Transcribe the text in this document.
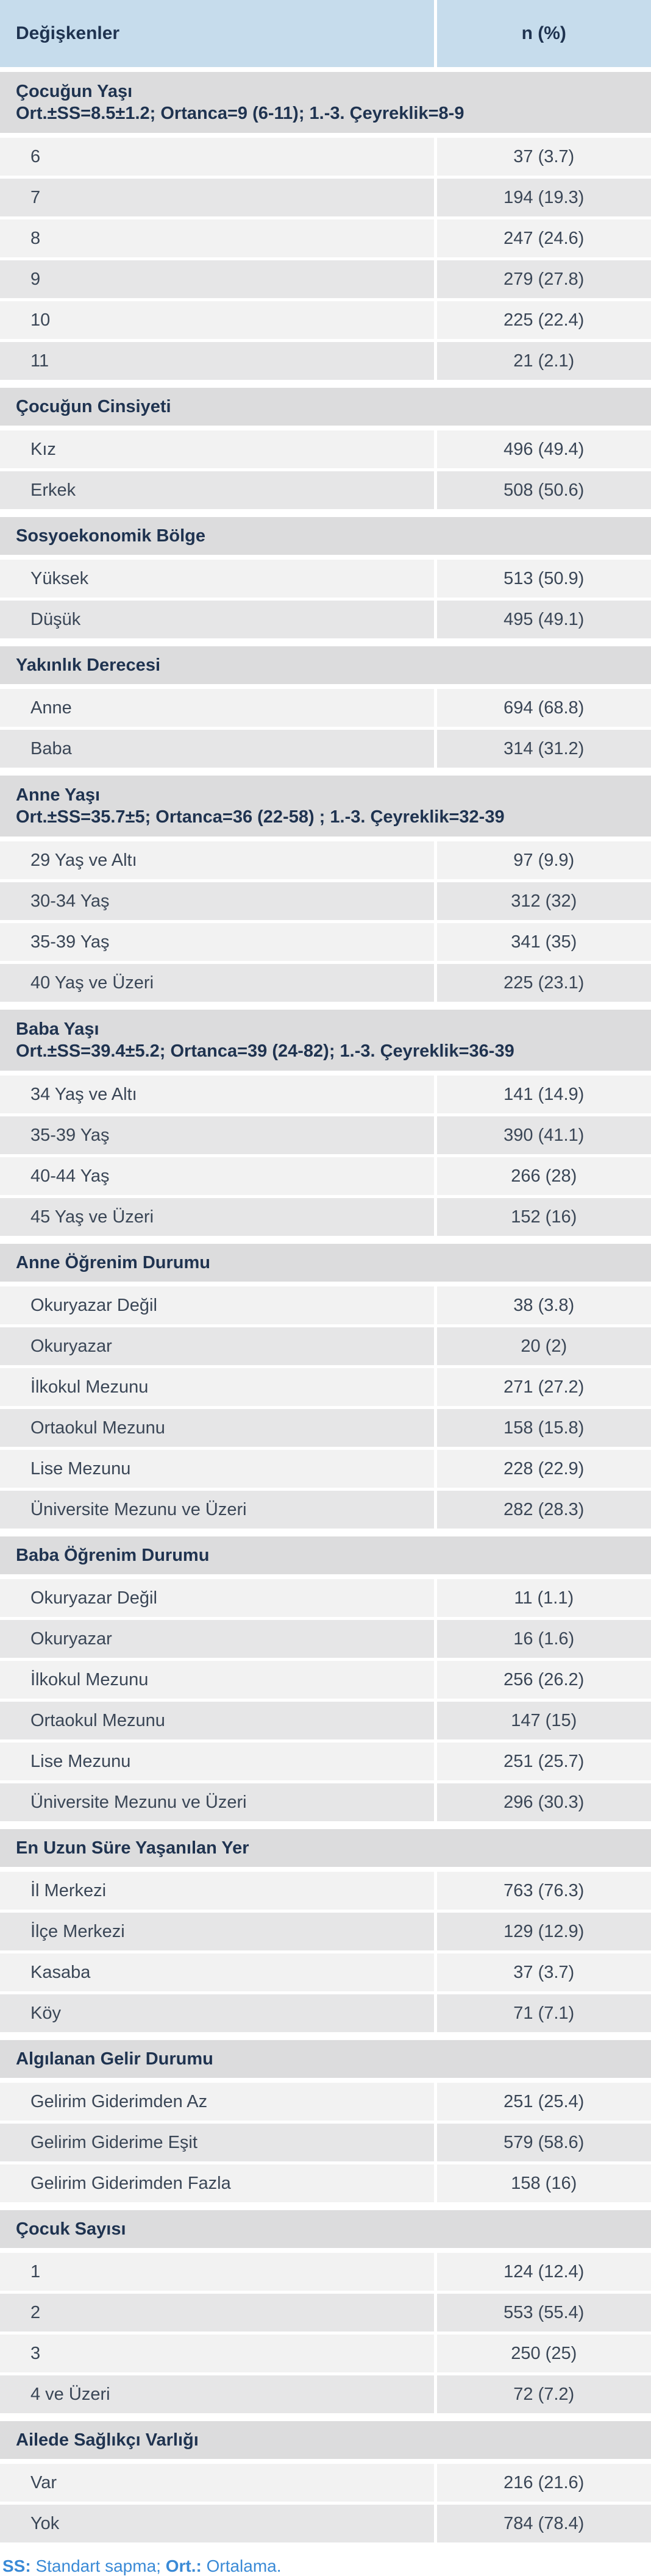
Değişkenler	n (%)

Çocuğun Yaşı
Ort.±SS=8.5±1.2; Ortanca=9 (6-11); 1.-3. Çeyreklik=8-9	

6	37 (3.7)
7	194 (19.3)
8	247 (24.6)
9	279 (27.8)
10	225 (22.4)
11	21 (2.1)

Çocuğun Cinsiyeti	

Kız	496 (49.4)
Erkek	508 (50.6)

Sosyoekonomik Bölge	

Yüksek	513 (50.9)
Düşük	495 (49.1)

Yakınlık Derecesi	

Anne	694 (68.8)
Baba	314 (31.2)

Anne Yaşı
Ort.±SS=35.7±5; Ortanca=36 (22-58) ; 1.-3. Çeyreklik=32-39	

29 Yaş ve Altı	97 (9.9)
30-34 Yaş	312 (32)
35-39 Yaş	341 (35)
40 Yaş ve Üzeri	225 (23.1)

Baba Yaşı
Ort.±SS=39.4±5.2; Ortanca=39 (24-82); 1.-3. Çeyreklik=36-39	

34 Yaş ve Altı	141 (14.9)
35-39 Yaş	390 (41.1)
40-44 Yaş	266 (28)
45 Yaş ve Üzeri	152 (16)

Anne Öğrenim Durumu	

Okuryazar Değil	38 (3.8)
Okuryazar	20 (2)
İlkokul Mezunu	271 (27.2)
Ortaokul Mezunu	158 (15.8)
Lise Mezunu	228 (22.9)
Üniversite Mezunu ve Üzeri	282 (28.3)

Baba Öğrenim Durumu	

Okuryazar Değil	11 (1.1)
Okuryazar	16 (1.6)
İlkokul Mezunu	256 (26.2)
Ortaokul Mezunu	147 (15)
Lise Mezunu	251 (25.7)
Üniversite Mezunu ve Üzeri	296 (30.3)

En Uzun Süre Yaşanılan Yer	

İl Merkezi	763 (76.3)
İlçe Merkezi	129 (12.9)
Kasaba	37 (3.7)
Köy	71 (7.1)

Algılanan Gelir Durumu	

Gelirim Giderimden Az	251 (25.4)
Gelirim Giderime Eşit	579 (58.6)
Gelirim Giderimden Fazla	158 (16)

Çocuk Sayısı	

1	124 (12.4)
2	553 (55.4)
3	250 (25)
4 ve Üzeri	72 (7.2)

Ailede Sağlıkçı Varlığı	

Var	216 (21.6)
Yok	784 (78.4)
SS: Standart sapma; Ort.: Ortalama.
